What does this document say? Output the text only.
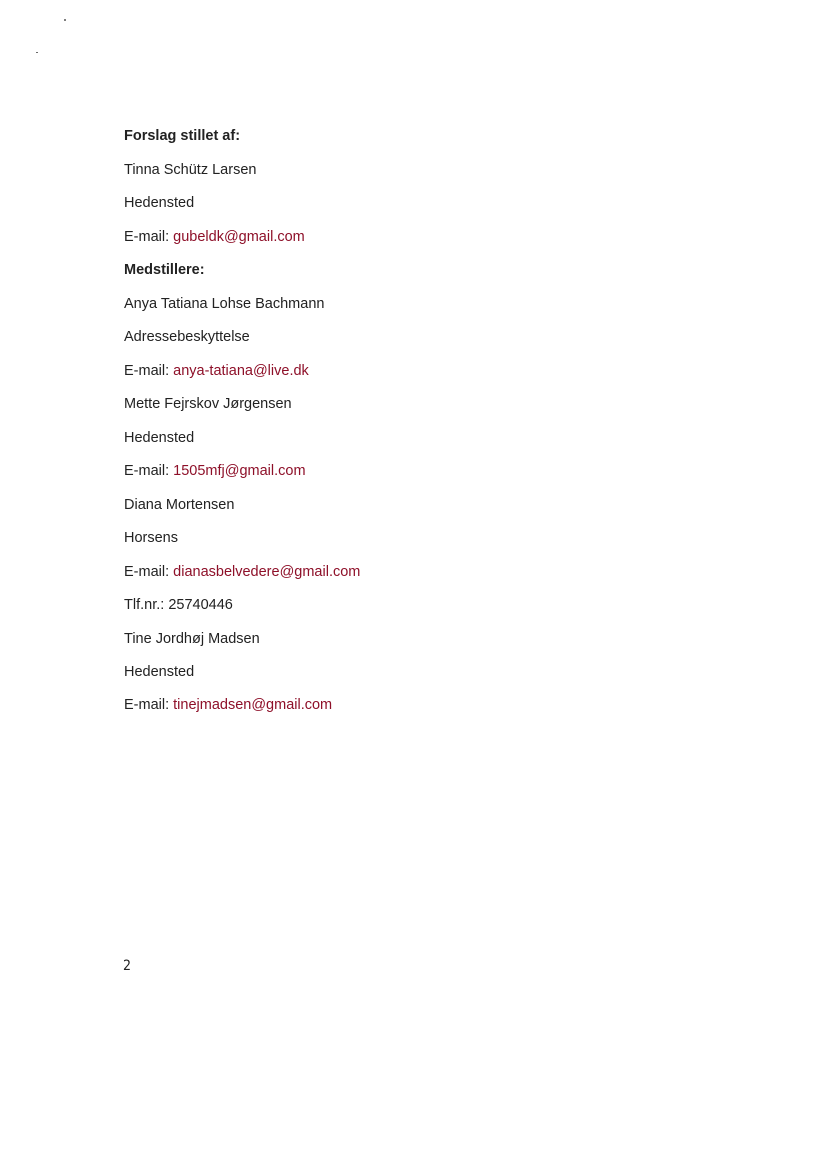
Forslag stillet af:
Tinna Schütz Larsen
Hedensted
E-mail: gubeldk@gmail.com
Medstillere:
Anya Tatiana Lohse Bachmann
Adressebeskyttelse
E-mail: anya-tatiana@live.dk
Mette Fejrskov Jørgensen
Hedensted
E-mail: 1505mfj@gmail.com
Diana Mortensen
Horsens
E-mail: dianasbelvedere@gmail.com
Tlf.nr.: 25740446
Tine Jordhøj Madsen
Hedensted
E-mail: tinejmadsen@gmail.com
2
